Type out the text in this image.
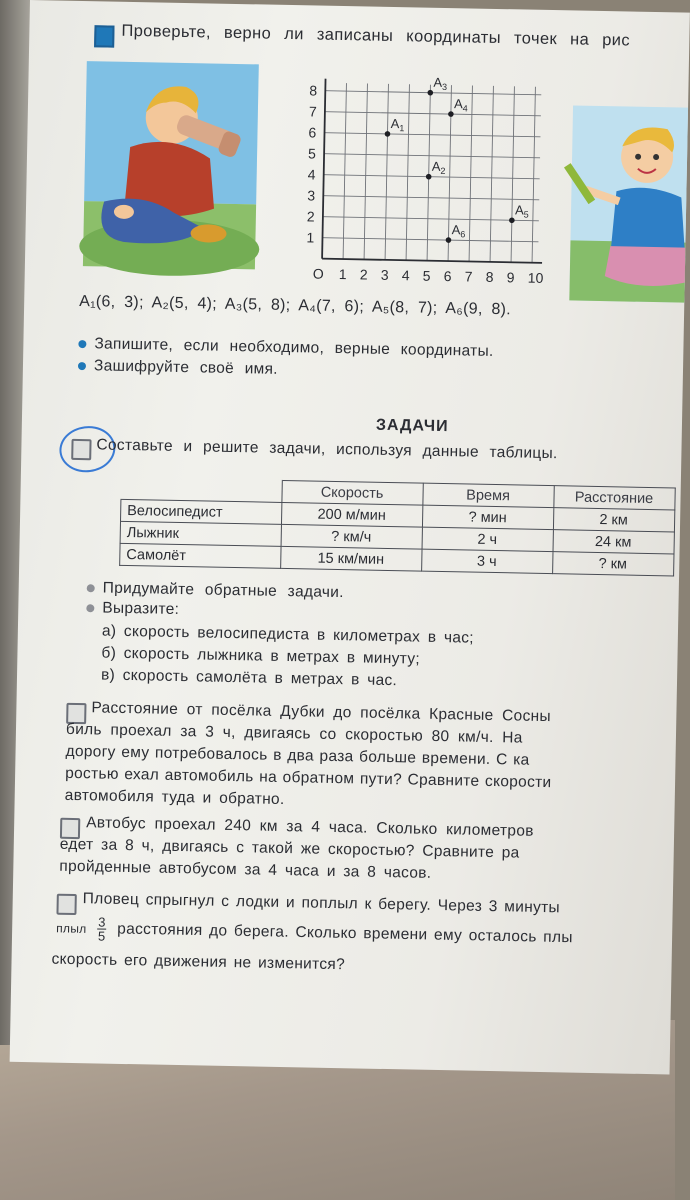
Проверьте, верно ли записаны координаты точек на рис
O 1 2 3 4 5 6 7 8 9 10
1
2
3
4
5
6
7
8
$A_1$
$A_2$
$A_3$
$A_4$
$A_5$
$A_6$
A₁(6, 3); A₂(5, 4); A₃(5, 8); A₄(7, 6); A₅(8, 7); A₆(9, 8).
Запишите, если необходимо, верные координаты.
Зашифруйте своё имя.
ЗАДАЧИ
Составьте и решите задачи, используя данные таблицы.
	Скорость	Время	Расстояние
Велосипедист	200 м/мин	? мин	2 км
Лыжник	? км/ч	2 ч	24 км
Самолёт	15 км/мин	3 ч	? км
Придумайте обратные задачи.
Выразите:
а) скорость велосипедиста в километрах в час;
б) скорость лыжника в метрах в минуту;
в) скорость самолёта в метрах в час.
Расстояние от посёлка Дубки до посёлка Красные Сосны
биль проехал за 3 ч, двигаясь со скоростью 80 км/ч. На
дорогу ему потребовалось в два раза больше времени. С ка
ростью ехал автомобиль на обратном пути? Сравните скорости
автомобиля туда и обратно.
Автобус проехал 240 км за 4 часа. Сколько километров
едет за 8 ч, двигаясь с такой же скоростью? Сравните ра
пройденные автобусом за 4 часа и за 8 часов.
Пловец спрыгнул с лодки и поплыл к берегу. Через 3 минуты
плыл $\frac{3}{5}$ расстояния до берега. Сколько времени ему осталось плы
скорость его движения не изменится?
